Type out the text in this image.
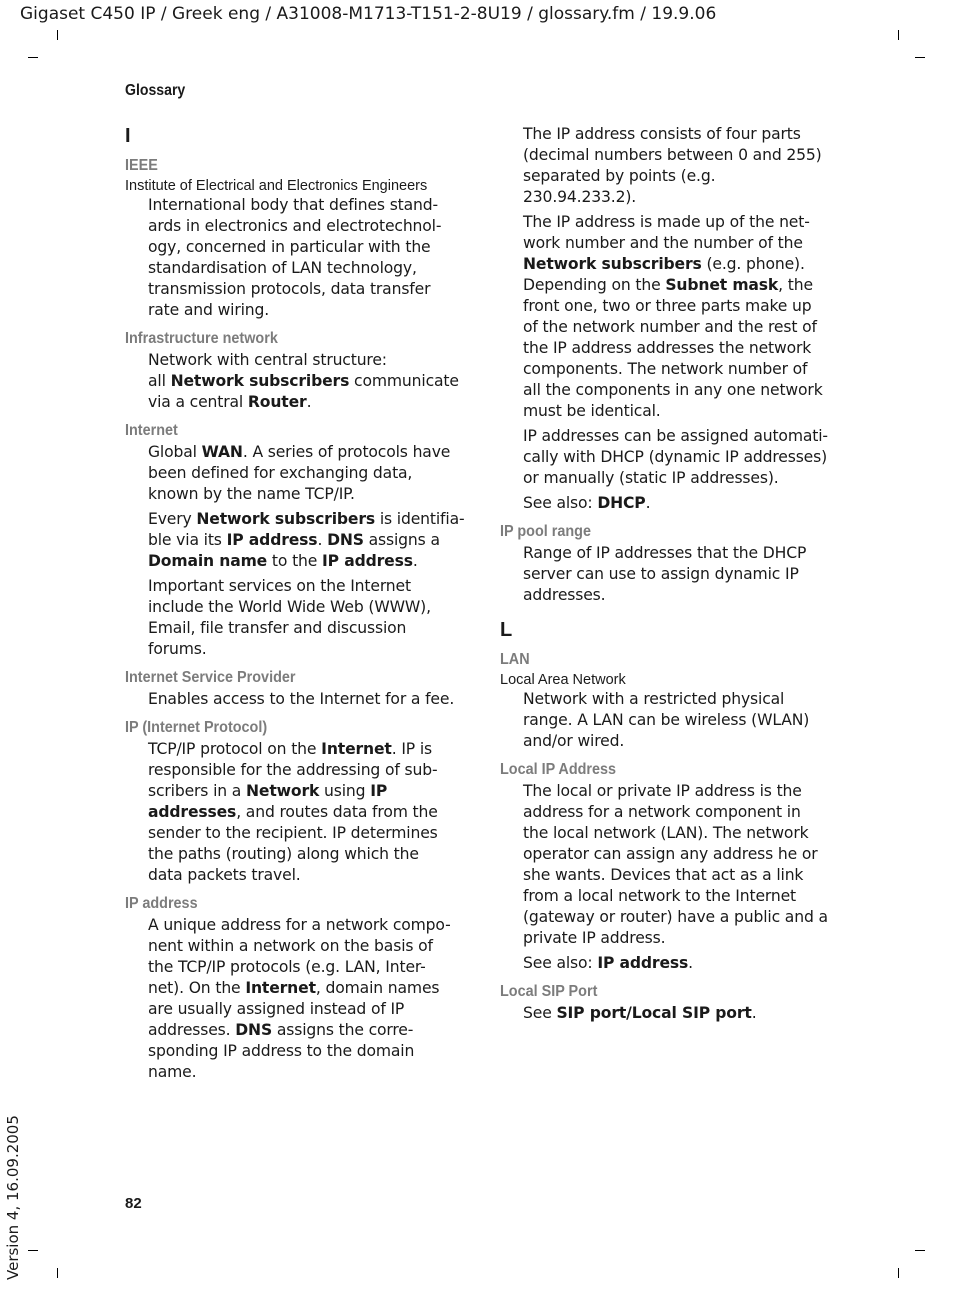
Gigaset C450 IP / Greek eng / A31008-M1713-T151-2-8U19 / glossary.fm / 19.9.06
Glossary
I
IEEE
Institute of Electrical and Electronics Engineers
International body that defines stand-
ards in electronics and electrotechnol-
ogy, concerned in particular with the
standardisation of LAN technology,
transmission protocols, data transfer
rate and wiring.
Infrastructure network
Network with central structure:
all Network subscribers communicate
via a central Router.
Internet
Global WAN. A series of protocols have
been defined for exchanging data,
known by the name TCP/IP.
Every Network subscribers is identifia-
ble via its IP address. DNS assigns a
Domain name to the IP address.
Important services on the Internet
include the World Wide Web (WWW),
Email, file transfer and discussion
forums.
Internet Service Provider
Enables access to the Internet for a fee.
IP (Internet Protocol)
TCP/IP protocol on the Internet. IP is
responsible for the addressing of sub-
scribers in a Network using IP
addresses, and routes data from the
sender to the recipient. IP determines
the paths (routing) along which the
data packets travel.
IP address
A unique address for a network compo-
nent within a network on the basis of
the TCP/IP protocols (e.g. LAN, Inter-
net). On the Internet, domain names
are usually assigned instead of IP
addresses. DNS assigns the corre-
sponding IP address to the domain
name.
The IP address consists of four parts
(decimal numbers between 0 and 255)
separated by points (e.g.
230.94.233.2).
The IP address is made up of the net-
work number and the number of the
Network subscribers (e.g. phone).
Depending on the Subnet mask, the
front one, two or three parts make up
of the network number and the rest of
the IP address addresses the network
components. The network number of
all the components in any one network
must be identical.
IP addresses can be assigned automati-
cally with DHCP (dynamic IP addresses)
or manually (static IP addresses).
See also: DHCP.
IP pool range
Range of IP addresses that the DHCP
server can use to assign dynamic IP
addresses.
L
LAN
Local Area Network
Network with a restricted physical
range. A LAN can be wireless (WLAN)
and/or wired.
Local IP Address
The local or private IP address is the
address for a network component in
the local network (LAN). The network
operator can assign any address he or
she wants. Devices that act as a link
from a local network to the Internet
(gateway or router) have a public and a
private IP address.
See also: IP address.
Local SIP Port
See SIP port/Local SIP port.
82
Version 4, 16.09.2005
